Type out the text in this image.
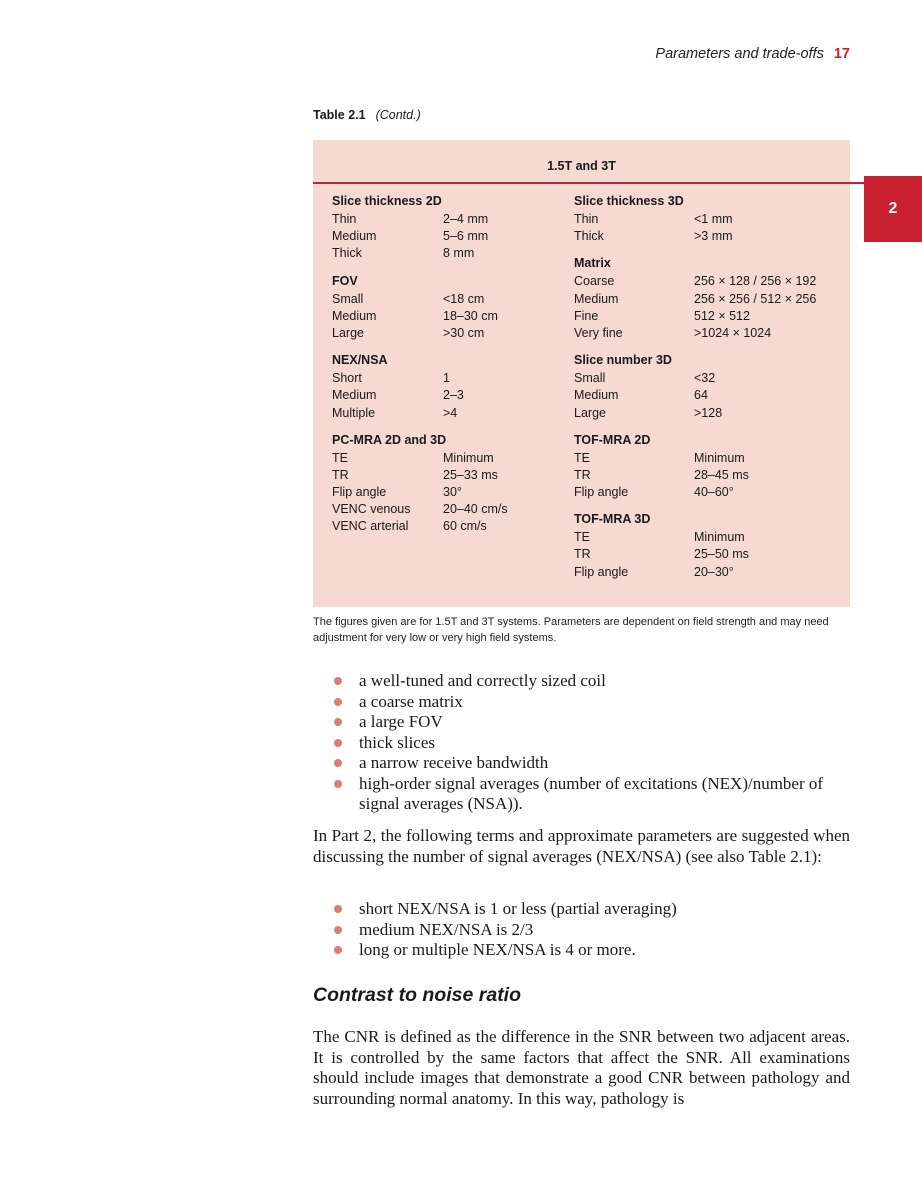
Parameters and trade-offs 17
2
Table 2.1 (Contd.)
1.5T and 3T
Slice thickness 2D
Thin	2–4 mm
Medium	5–6 mm
Thick	8 mm
FOV
Small	<18 cm
Medium	18–30 cm
Large	>30 cm
NEX/NSA
Short	1
Medium	2–3
Multiple	>4
PC-MRA 2D and 3D
TE	Minimum
TR	25–33 ms
Flip angle	30°
VENC venous	20–40 cm/s
VENC arterial	60 cm/s
Slice thickness 3D
Thin	<1 mm
Thick	>3 mm
Matrix
Coarse	256 × 128 / 256 × 192
Medium	256 × 256 / 512 × 256
Fine	512 × 512
Very fine	>1024 × 1024
Slice number 3D
Small	<32
Medium	64
Large	>128
TOF-MRA 2D
TE	Minimum
TR	28–45 ms
Flip angle	40–60°
TOF-MRA 3D
TE	Minimum
TR	25–50 ms
Flip angle	20–30°
The figures given are for 1.5T and 3T systems. Parameters are dependent on field strength and may need adjustment for very low or very high field systems.
a well-tuned and correctly sized coil
a coarse matrix
a large FOV
thick slices
a narrow receive bandwidth
high-order signal averages (number of excitations (NEX)/number of signal averages (NSA)).

In Part 2, the following terms and approximate parameters are suggested when discussing the number of signal averages (NEX/NSA) (see also Table 2.1):

short NEX/NSA is 1 or less (partial averaging)
medium NEX/NSA is 2/3
long or multiple NEX/NSA is 4 or more.
Contrast to noise ratio

The CNR is defined as the difference in the SNR between two adjacent areas. It is controlled by the same factors that affect the SNR. All examinations should include images that demonstrate a good CNR between pathology and surrounding normal anatomy. In this way, pathology is
